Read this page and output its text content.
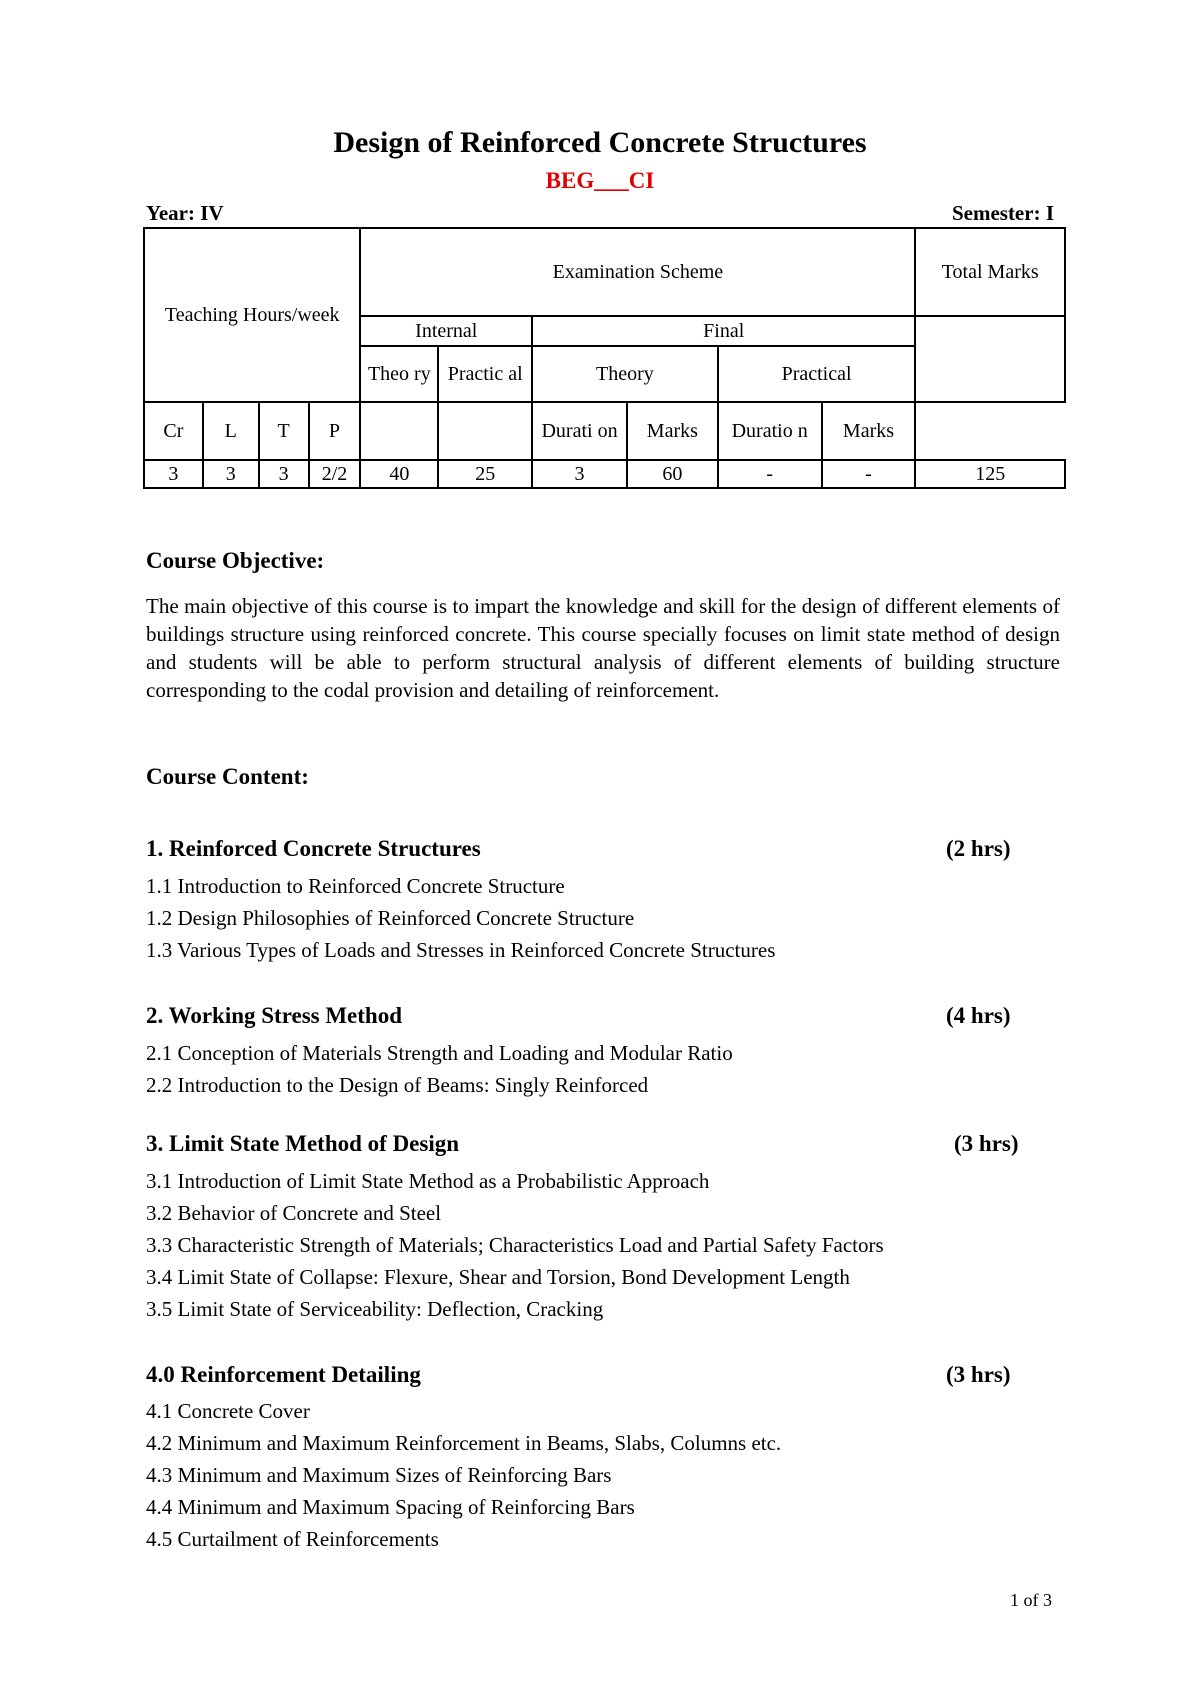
Design of Reinforced Concrete Structures
BEG___CI
Year: IV	Semester: I
Teaching Hours/week				Examination Scheme						Total Marks
				Internal		Final				
				Theo ry	Practic al	Theory		Practical		

Cr	L	T	P			Durati on	Marks	Duratio n	Marks	
3	3	3	2/2	40	25	3	60	-	-	125
Course Objective:
The main objective of this course is to impart the knowledge and skill for the design of different elements of buildings structure using reinforced concrete. This course specially focuses on limit state method of design and students will be able to perform structural analysis of different elements of building structure corresponding to the codal provision and detailing of reinforcement.
Course Content:
1. Reinforced Concrete Structures	(2 hrs)
1.1 Introduction to Reinforced Concrete Structure
1.2 Design Philosophies of Reinforced Concrete Structure
1.3 Various Types of Loads and Stresses in Reinforced Concrete Structures
2. Working Stress Method	(4 hrs)
2.1 Conception of Materials Strength and Loading and Modular Ratio
2.2 Introduction to the Design of Beams: Singly Reinforced
3. Limit State Method of Design	(3 hrs)
3.1 Introduction of Limit State Method as a Probabilistic Approach
3.2 Behavior of Concrete and Steel
3.3 Characteristic Strength of Materials; Characteristics Load and Partial Safety Factors
3.4 Limit State of Collapse: Flexure, Shear and Torsion, Bond Development Length
3.5 Limit State of Serviceability: Deflection, Cracking
4.0 Reinforcement Detailing	(3 hrs)
4.1 Concrete Cover
4.2 Minimum and Maximum Reinforcement in Beams, Slabs, Columns etc.
4.3 Minimum and Maximum Sizes of Reinforcing Bars
4.4 Minimum and Maximum Spacing of Reinforcing Bars
4.5 Curtailment of Reinforcements
1 of 3
